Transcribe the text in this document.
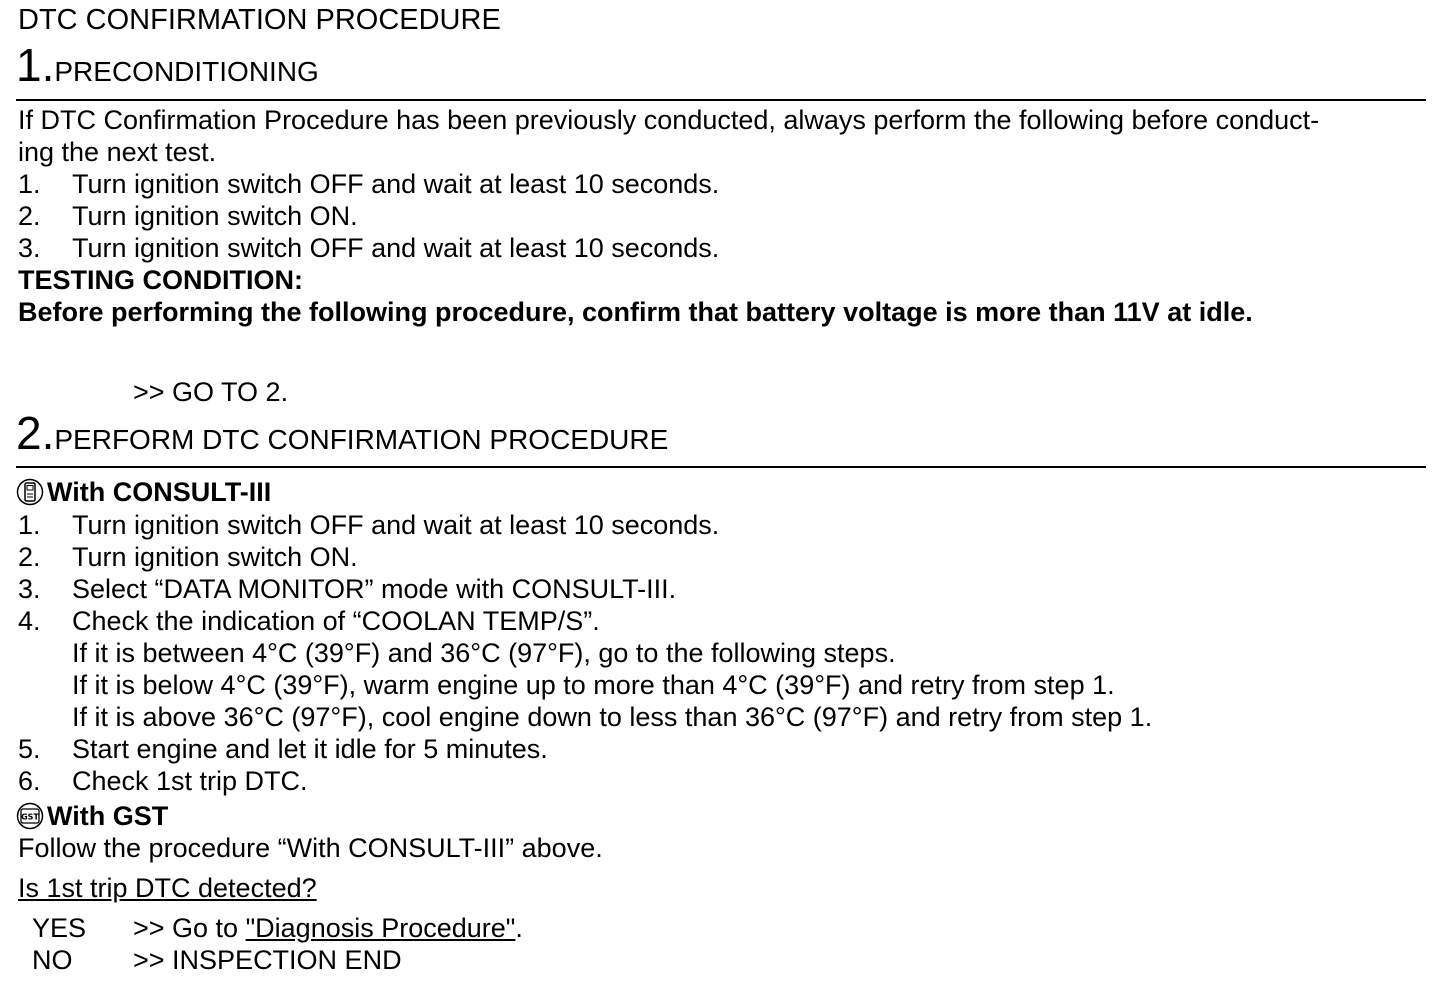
DTC CONFIRMATION PROCEDURE
1.PRECONDITIONING
If DTC Confirmation Procedure has been previously conducted, always perform the following before conduct-
ing the next test.
1. Turn ignition switch OFF and wait at least 10 seconds.
2. Turn ignition switch ON.
3. Turn ignition switch OFF and wait at least 10 seconds.
TESTING CONDITION:
Before performing the following procedure, confirm that battery voltage is more than 11V at idle.
>> GO TO 2.
2.PERFORM DTC CONFIRMATION PROCEDURE
With CONSULT-III
1. Turn ignition switch OFF and wait at least 10 seconds.
2. Turn ignition switch ON.
3. Select “DATA MONITOR” mode with CONSULT-III.
4. Check the indication of “COOLAN TEMP/S”.
If it is between 4°C (39°F) and 36°C (97°F), go to the following steps.
If it is below 4°C (39°F), warm engine up to more than 4°C (39°F) and retry from step 1.
If it is above 36°C (97°F), cool engine down to less than 36°C (97°F) and retry from step 1.
5. Start engine and let it idle for 5 minutes.
6. Check 1st trip DTC.
GST With GST
Follow the procedure “With CONSULT-III” above.
Is 1st trip DTC detected?
YES >> Go to "Diagnosis Procedure".
NO >> INSPECTION END
